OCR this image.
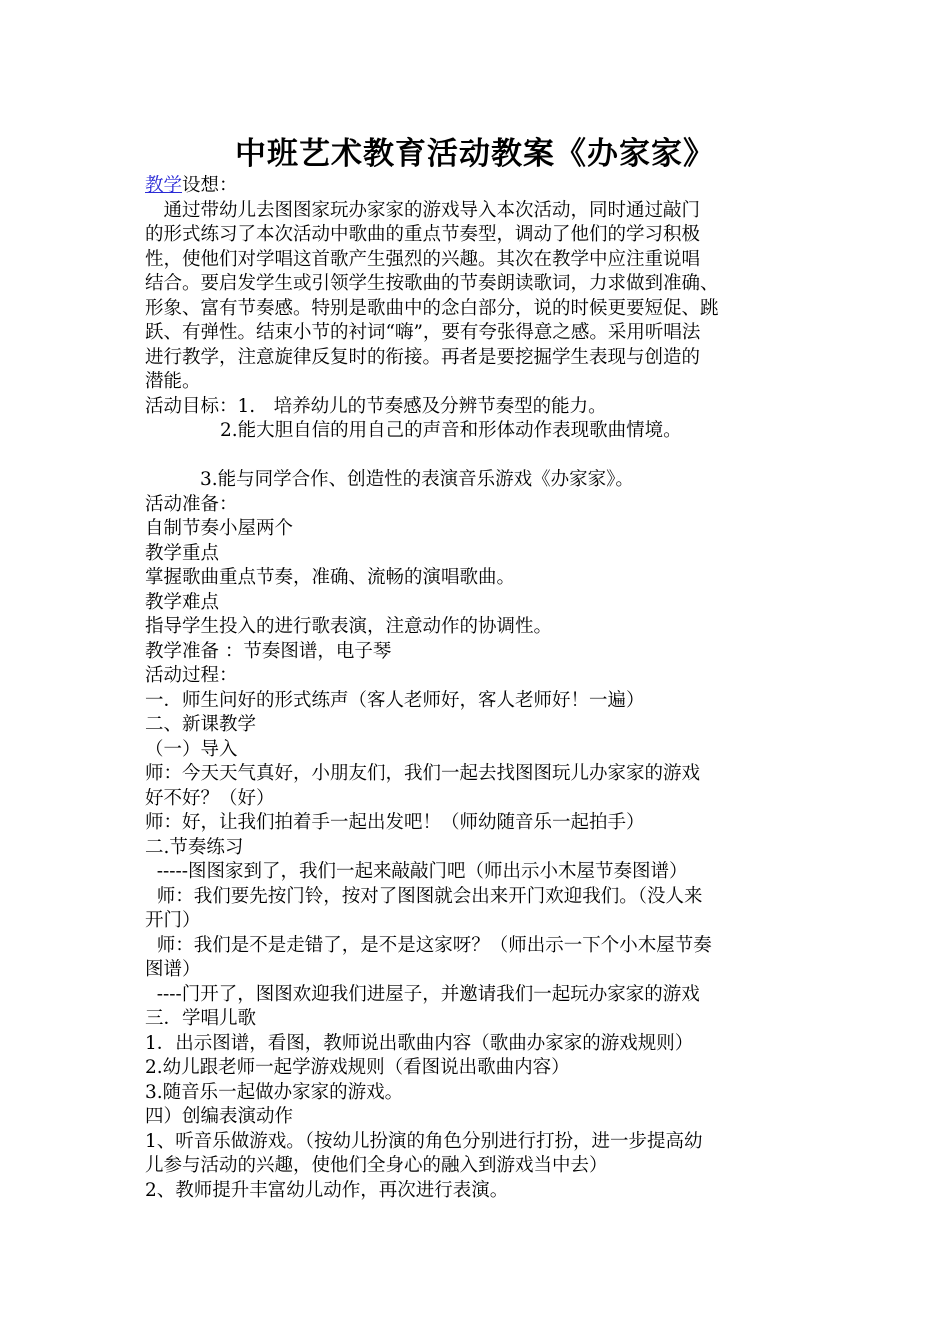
中班艺术教育活动教案《办家家》

教学设想：

　通过带幼儿去图图家玩办家家的游戏导入本次活动，同时通过敲门

的形式练习了本次活动中歌曲的重点节奏型，调动了他们的学习积极

性，使他们对学唱这首歌产生强烈的兴趣。其次在教学中应注重说唱

结合。要启发学生或引领学生按歌曲的节奏朗读歌词，力求做到准确、

形象、富有节奏感。特别是歌曲中的念白部分，说的时候更要短促、跳

跃、有弹性。结束小节的衬词“嗨”，要有夸张得意之感。采用听唱法

进行教学，注意旋律反复时的衔接。再者是要挖掘学生表现与创造的

潜能。

活动目标：1.　培养幼儿的节奏感及分辨节奏型的能力。

2.能大胆自信的用自己的声音和形体动作表现歌曲情境。

3.能与同学合作、创造性的表演音乐游戏《办家家》。

活动准备：

自制节奏小屋两个

教学重点

掌握歌曲重点节奏，准确、流畅的演唱歌曲。

教学难点

指导学生投入的进行歌表演，注意动作的协调性。

教学准备 ：节奏图谱，电子琴

活动过程：

一．师生问好的形式练声（客人老师好，客人老师好！一遍）

二、新课教学

（一）导入

师：今天天气真好，小朋友们，我们一起去找图图玩儿办家家的游戏

好不好？（好）

师：好，让我们拍着手一起出发吧！（师幼随音乐一起拍手）

二.节奏练习

-----图图家到了，我们一起来敲敲门吧（师出示小木屋节奏图谱）

师：我们要先按门铃，按对了图图就会出来开门欢迎我们。（没人来

开门）

师：我们是不是走错了，是不是这家呀？（师出示一下个小木屋节奏

图谱）

----门开了，图图欢迎我们进屋子，并邀请我们一起玩办家家的游戏

三．学唱儿歌

1．出示图谱，看图，教师说出歌曲内容（歌曲办家家的游戏规则）

2.幼儿跟老师一起学游戏规则（看图说出歌曲内容）

3.随音乐一起做办家家的游戏。

四）创编表演动作

1、听音乐做游戏。（按幼儿扮演的角色分别进行打扮，进一步提高幼

儿参与活动的兴趣，使他们全身心的融入到游戏当中去）

2、教师提升丰富幼儿动作，再次进行表演。
